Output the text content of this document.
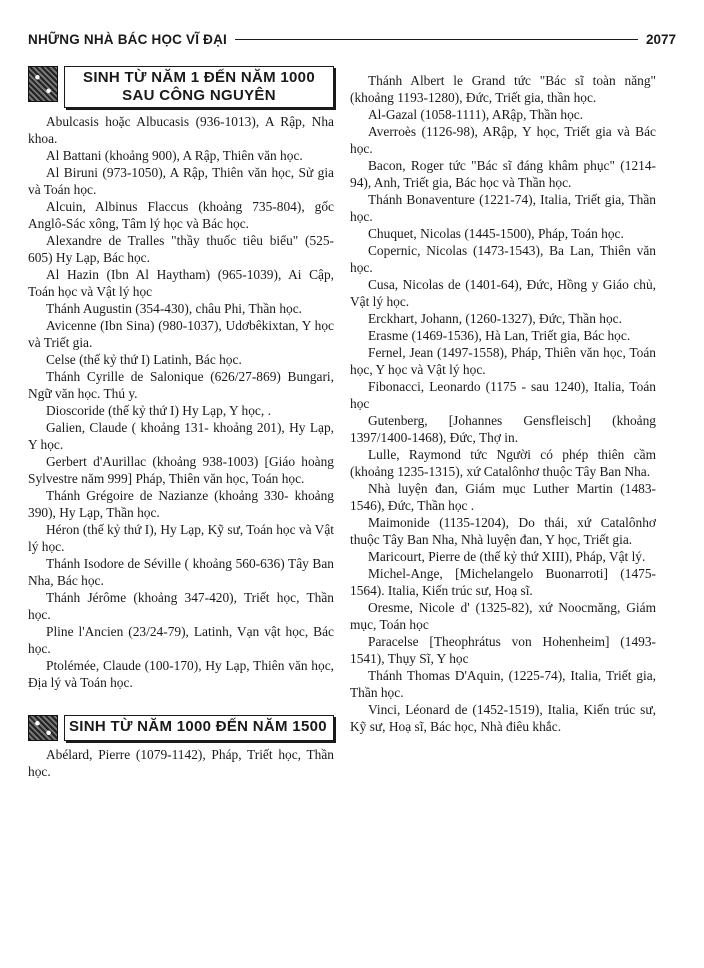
NHỮNG NHÀ BÁC HỌC VĨ ĐẠI	2077
SINH TỪ NĂM 1 ĐẾN NĂM 1000 SAU CÔNG NGUYÊN

Abulcasis hoặc Albucasis (936-1013), A Rập, Nha khoa.

Al Battani (khoảng 900), A Rập, Thiên văn học.

Al Biruni (973-1050), A Rập, Thiên văn học, Sử gia và Toán học.

Alcuin, Albinus Flaccus (khoảng 735-804), gốc Anglô-Sác xông, Tâm lý học và Bác học.

Alexandre de Tralles "thầy thuốc tiêu biểu" (525-605) Hy Lạp, Bác học.

Al Hazin (Ibn Al Haytham) (965-1039), Ai Cập, Toán học và Vật lý học

Thánh Augustin (354-430), châu Phi, Thần học.

Avicenne (Ibn Sina) (980-1037), Udơbêkixtan, Y học và Triết gia.

Celse (thế kỷ thứ I) Latinh, Bác học.

Thánh Cyrille de Salonique (626/27-869) Bungari, Ngữ văn học. Thú y.

Dioscoride (thế kỷ thứ I) Hy Lạp, Y học, .

Galien, Claude ( khoảng 131- khoảng 201), Hy Lạp, Y học.

Gerbert d'Aurillac (khoảng 938-1003) [Giáo hoàng Sylvestre năm 999] Pháp, Thiên văn học, Toán học.

Thánh Grégoire de Nazianze (khoảng 330- khoảng 390), Hy Lạp, Thần học.

Héron (thế kỷ thứ I), Hy Lạp, Kỹ sư, Toán học và Vật lý học.

Thánh Isodore de Séville ( khoảng 560-636) Tây Ban Nha, Bác học.

Thánh Jérôme (khoảng 347-420), Triết học, Thần học.

Pline l'Ancien (23/24-79), Latinh, Vạn vật học, Bác học.

Ptolémée, Claude (100-170), Hy Lạp, Thiên văn học, Địa lý và Toán học.

SINH TỪ NĂM 1000 ĐẾN NĂM 1500

Abélard, Pierre (1079-1142), Pháp, Triết học, Thần học.

Thánh Albert le Grand tức "Bác sĩ toàn năng" (khoảng 1193-1280), Đức, Triết gia, thần học.

Al-Gazal (1058-1111), ARập, Thần học.

Averroès (1126-98), ARập, Y học, Triết gia và Bác học.

Bacon, Roger tức "Bác sĩ đáng khâm phục" (1214-94), Anh, Triết gia, Bác học và Thần học.

Thánh Bonaventure (1221-74), Italia, Triết gia, Thần học.

Chuquet, Nicolas (1445-1500), Pháp, Toán học.

Copernic, Nicolas (1473-1543), Ba Lan, Thiên văn học.

Cusa, Nicolas de (1401-64), Đức, Hồng y Giáo chủ, Vật lý học.

Erckhart, Johann, (1260-1327), Đức, Thần học.

Erasme (1469-1536), Hà Lan, Triết gia, Bác học.

Fernel, Jean (1497-1558), Pháp, Thiên văn học, Toán học, Y học và Vật lý học.

Fibonacci, Leonardo (1175 - sau 1240), Italia, Toán học

Gutenberg, [Johannes Gensfleisch] (khoảng 1397/1400-1468), Đức, Thợ in.

Lulle, Raymond tức Người có phép thiên cầm (khoảng 1235-1315), xứ Catalônhơ thuộc Tây Ban Nha.

Nhà luyện đan, Giám mục Luther Martin (1483-1546), Đức, Thần học .

Maimonide (1135-1204), Do thái, xứ Catalônhơ thuộc Tây Ban Nha, Nhà luyện đan, Y học, Triết gia.

Maricourt, Pierre de (thế kỷ thứ XIII), Pháp, Vật lý.

Michel-Ange, [Michelangelo Buonarroti] (1475-1564). Italia, Kiến trúc sư, Hoạ sĩ.

Oresme, Nicole d' (1325-82), xứ Noocmăng, Giám mục, Toán học

Paracelse [Theophrátus von Hohenheim] (1493-1541), Thụy Sĩ, Y học

Thánh Thomas D'Aquin, (1225-74), Italia, Triết gia, Thần học.

Vinci, Léonard de (1452-1519), Italia, Kiến trúc sư, Kỹ sư, Hoạ sĩ, Bác học, Nhà điêu khắc.
